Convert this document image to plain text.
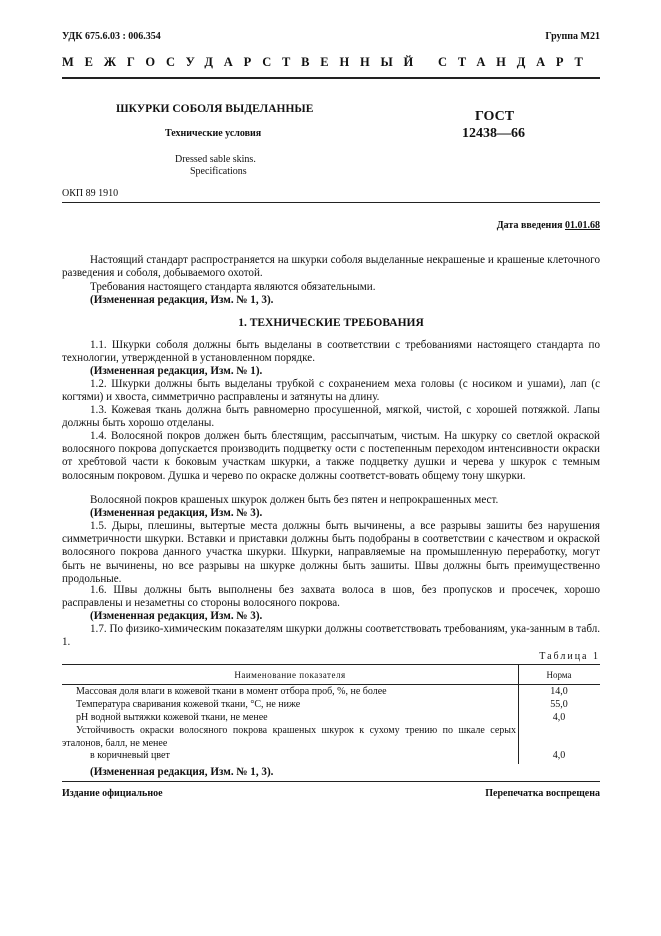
УДК 675.6.03 : 006.354	Группа М21
МЕЖГОСУДАРСТВЕННЫЙ СТАНДАРТ
ШКУРКИ СОБОЛЯ ВЫДЕЛАННЫЕ
Технические условия
Dressed sable skins.
Specifications
ГОСТ
12438—66
ОКП 89 1910
Дата введения 01.01.68
Настоящий стандарт распространяется на шкурки соболя выделанные некрашеные и крашеные клеточного разведения и соболя, добываемого охотой.
Требования настоящего стандарта являются обязательными.
(Измененная редакция, Изм. № 1, 3).
1. ТЕХНИЧЕСКИЕ ТРЕБОВАНИЯ
1.1. Шкурки соболя должны быть выделаны в соответствии с требованиями настоящего стандарта по технологии, утвержденной в установленном порядке.
(Измененная редакция, Изм. № 1).
1.2. Шкурки должны быть выделаны трубкой с сохранением меха головы (с носиком и ушами), лап (с когтями) и хвоста, симметрично расправлены и затянуты на длину.
1.3. Кожевая ткань должна быть равномерно просушенной, мягкой, чистой, с хорошей потяжкой. Лапы должны быть хорошо отделаны.
1.4. Волосяной покров должен быть блестящим, рассыпчатым, чистым. На шкурку со светлой окраской волосяного покрова допускается производить подцветку ости с постепенным переходом интенсивности окраски от хребтовой части к боковым участкам шкурки, а также подцветку душки и черева у шкурок с темным волосяным покровом. Душка и черево по окраске должны соответст-вовать общему тону шкурки.
Волосяной покров крашеных шкурок должен быть без пятен и непрокрашенных мест.
(Измененная редакция, Изм. № 3).
1.5. Дыры, плешины, вытертые места должны быть вычинены, а все разрывы зашиты без нарушения симметричности шкурки. Вставки и приставки должны быть подобраны в соответствии с качеством и окраской волосяного покрова данного участка шкурки. Шкурки, направляемые на промышленную переработку, могут быть не вычинены, но все разрывы на шкурке должны быть зашиты. Швы должны быть преимущественно продольные.
1.6. Швы должны быть выполнены без захвата волоса в шов, без пропусков и просечек, хорошо расправлены и незаметны со стороны волосяного покрова.
(Измененная редакция, Изм. № 3).
1.7. По физико-химическим показателям шкурки должны соответствовать требованиям, ука-занным в табл. 1.
Таблица 1
Наименование показателя	Норма
Массовая доля влаги в кожевой ткани в момент отбора проб, %, не более	14,0
Температура сваривания кожевой ткани, °С, не ниже	55,0
рН водной вытяжки кожевой ткани, не менее	4,0
Устойчивость окраски волосяного покрова крашеных шкурок к сухому трению по шкале серых эталонов, балл, не менее
в коричневый цвет	4,0
(Измененная редакция, Изм. № 1, 3).
Издание официальное	Перепечатка воспрещена
